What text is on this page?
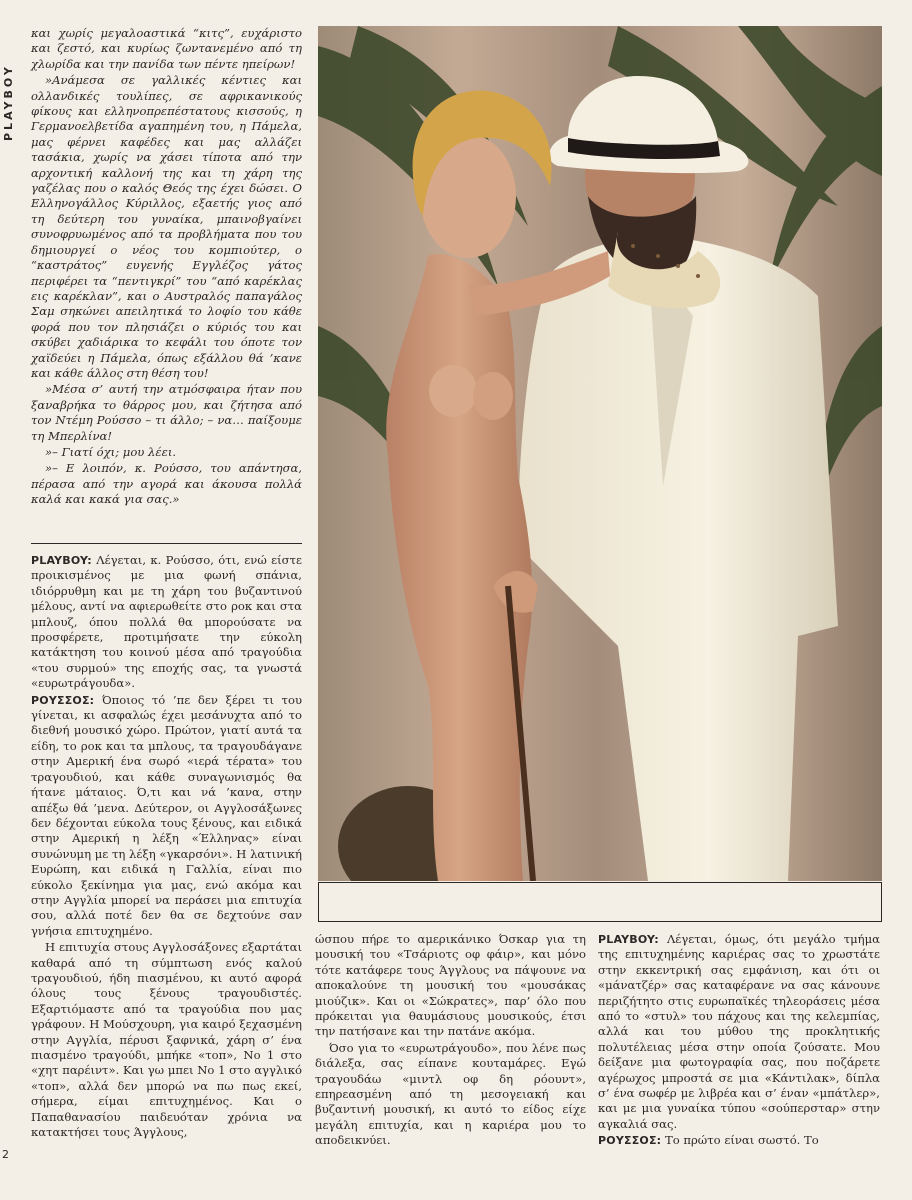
PLAYBOY

και χωρίς μεγαλοαστικά “κιτς”, ευχάριστο και ζεστό, και κυρίως ζωντανεμένο από τη χλωρίδα και την πανίδα των πέντε ηπείρων!

»Ανάμεσα σε γαλλικές κέντιες και ολλανδικές τουλίπες, σε αφρικανικούς φίκους και ελληνοπρεπέστατους κισσούς, η Γερμανοελβετίδα αγαπημένη του, η Πάμελα, μας φέρνει καφέδες και μας αλλάζει τασάκια, χωρίς να χάσει τίποτα από την αρχοντική καλλονή της και τη χάρη της γαζέλας που ο καλός Θεός της έχει δώσει. Ο Ελληνογάλλος Κύριλλος, εξαετής γιος από τη δεύτερη του γυναίκα, μπαινοβγαίνει συνοφρυωμένος από τα προβλήματα που του δημιουργεί ο νέος του κομπιούτερ, ο “καστράτος” ευγενής Εγγλέζος γάτος περιφέρει τα “πεντιγκρί” του “από καρέκλας εις καρέκλαν”, και ο Αυστραλός παπαγάλος Σαμ σηκώνει απειλητικά το λοφίο του κάθε φορά που τον πλησιάζει ο κύριός του και σκύβει χαδιάρικα το κεφάλι του όποτε τον χαϊδεύει η Πάμελα, όπως εξάλλου θά ’κανε και κάθε άλλος στη θέση του!

»Μέσα σ’ αυτή την ατμόσφαιρα ήταν που ξαναβρήκα το θάρρος μου, και ζήτησα από τον Ντέμη Ρούσσο – τι άλλο; – να… παίξουμε τη Μπερλίνα!

»– Γιατί όχι; μου λέει.

»– Ε λοιπόν, κ. Ρούσσο, του απάντησα, πέρασα από την αγορά και άκουσα πολλά καλά και κακά για σας.»

PLAYBOY: Λέγεται, κ. Ρούσσο, ότι, ενώ είστε προικισμένος με μια φωνή σπάνια, ιδιόρρυθμη και με τη χάρη του βυζαντινού μέλους, αντί να αφιερωθείτε στο ροκ και στα μπλουζ, όπου πολλά θα μπορούσατε να προσφέρετε, προτιμήσατε την εύκολη κατάκτηση του κοινού μέσα από τραγούδια «του συρμού» της εποχής σας, τα γνωστά «ευρωτράγουδα».

ΡΟΥΣΣΟΣ: Όποιος τό ’πε δεν ξέρει τι του γίνεται, κι ασφαλώς έχει μεσάνυχτα από το διεθνή μουσικό χώρο. Πρώτον, γιατί αυτά τα είδη, το ροκ και τα μπλους, τα τραγουδάγανε στην Αμερική ένα σωρό «ιερά τέρατα» του τραγουδιού, και κάθε συναγωνισμός θα ήτανε μάταιος. Ό,τι και νά ’κανα, στην απέξω θά ’μενα. Δεύτερον, οι Αγγλοσάξωνες δεν δέχονται εύκολα τους ξένους, και ειδικά στην Αμερική η λέξη «Έλληνας» είναι συνώνυμη με τη λέξη «γκαρσόνι». Η λατινική Ευρώπη, και ειδικά η Γαλλία, είναι πιο εύκολο ξεκίνημα για μας, ενώ ακόμα και στην Αγγλία μπορεί να περάσει μια επιτυχία σου, αλλά ποτέ δεν θα σε δεχτούνε σαν γνήσια επιτυχημένο.

Η επιτυχία στους Αγγλοσάξονες εξαρτάται καθαρά από τη σύμπτωση ενός καλού τραγουδιού, ήδη πιασμένου, κι αυτό αφορά όλους τους ξένους τραγουδιστές. Εξαρτιόμαστε από τα τραγούδια που μας γράφουν. Η Μούσχουρη, για καιρό ξεχασμένη στην Αγγλία, πέρυσι ξαφνικά, χάρη σ’ ένα πιασμένο τραγούδι, μπήκε «τοπ», Νο 1 στο «χητ παρέιντ». Και γω μπει Νο 1 στο αγγλικό «τοπ», αλλά δεν μπορώ να πω πως εκεί, σήμερα, είμαι επιτυχημένος. Και ο Παπαθανασίου παιδευόταν χρόνια να κατακτήσει τους Άγγλους,

ώσπου πήρε το αμερικάνικο Όσκαρ για τη μουσική του «Τσάριοτς οφ φάιρ», και μόνο τότε κατάφερε τους Άγγλους να πάψουνε να αποκαλούνε τη μουσική του «μουσάκας μιούζικ». Και οι «Σώκρατες», παρ’ όλο που πρόκειται για θαυμάσιους μουσικούς, έτσι την πατήσανε και την πατάνε ακόμα.

Όσο για το «ευρωτράγουδο», που λένε πως διάλεξα, σας είπανε κουταμάρες. Εγώ τραγουδάω «μιντλ οφ δη ρόουντ», επηρεασμένη από τη μεσογειακή και βυζαντινή μουσική, κι αυτό το είδος είχε μεγάλη επιτυχία, και η καριέρα μου το αποδεικνύει.

PLAYBOY: Λέγεται, όμως, ότι μεγάλο τμήμα της επιτυχημένης καριέρας σας το χρωστάτε στην εκκεντρική σας εμφάνιση, και ότι οι «μάνατζέρ» σας καταφέρανε να σας κάνουνε περιζήτητο στις ευρωπαϊκές τηλεοράσεις μέσα από το «στυλ» του πάχους και της κελεμπίας, αλλά και του μύθου της προκλητικής πολυτέλειας μέσα στην οποία ζούσατε. Μου δείξανε μια φωτογραφία σας, που ποζάρετε αγέρωχος μπροστά σε μια «Κάντιλακ», δίπλα σ’ ένα σωφέρ με λιβρέα και σ’ έναν «μπάτλερ», και με μια γυναίκα τύπου «σούπερσταρ» στην αγκαλιά σας.

ΡΟΥΣΣΟΣ: Το πρώτο είναι σωστό. Το

2
